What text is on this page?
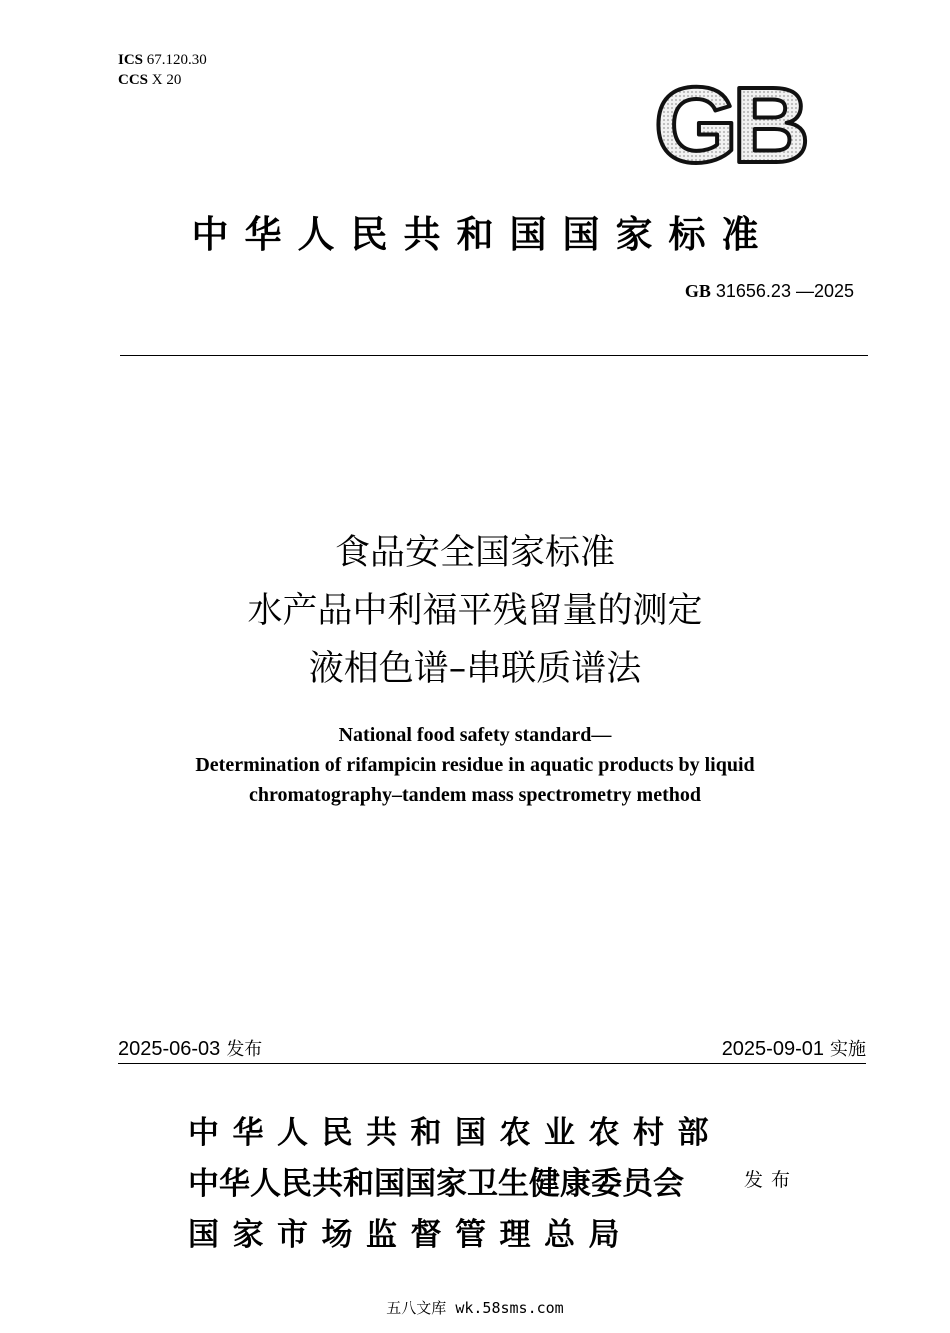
ICS 67.120.30
CCS X 20	GB
中华人民共和国国家标准
GB 31656.23 —2025
食品安全国家标准
水产品中利福平残留量的测定
液相色谱–串联质谱法
National food safety standard—
Determination of rifampicin residue in aquatic products by liquid
chromatography–tandem mass spectrometry method
2025-06-03 发布	2025-09-01 实施
中华人民共和国农业农村部
中华人民共和国国家卫生健康委员会
国家市场监督管理总局
发布
五八文库 wk.58sms.com
